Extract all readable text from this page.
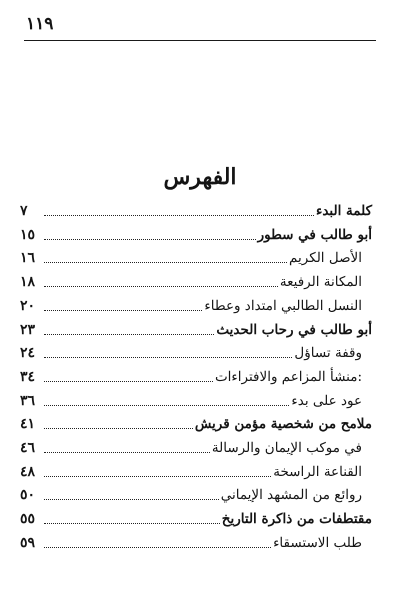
١١٩
الفهرس
كلمة البدء
٧
أبو طالب في سطور
١٥
الأصل الكريم
١٦
المكانة الرفيعة
١٨
النسل الطالبي امتداد وعطاء
٢٠
أبو طالب في رحاب الحديث
٢٣
وقفة تساؤل
٢٤
منشأ المزاعم والافتراءات:
٣٤
عود على بدء
٣٦
ملامح من شخصية مؤمن قريش
٤١
في موكب الإيمان والرسالة
٤٦
القناعة الراسخة
٤٨
روائع من المشهد الإيماني
٥٠
مقتطفات من ذاكرة التاريخ
٥٥
طلب الاستسقاء
٥٩
